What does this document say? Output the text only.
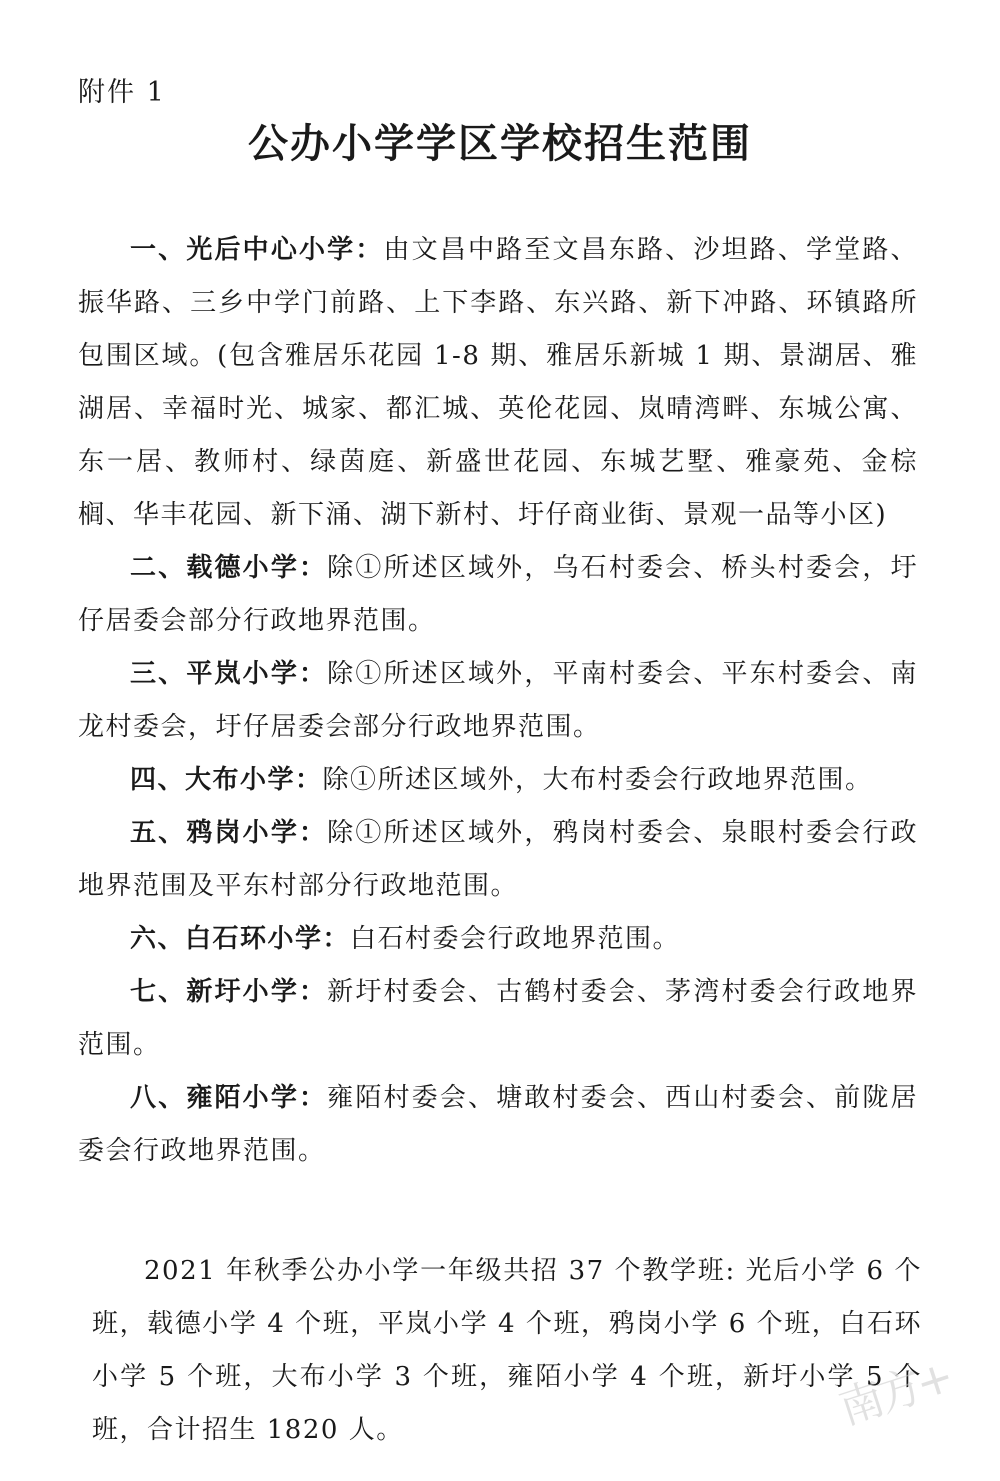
附件 1
公办小学学区学校招生范围

一、光后中心小学：由文昌中路至文昌东路、沙坦路、学堂路、振华路、三乡中学门前路、上下李路、东兴路、新下冲路、环镇路所包围区域。(包含雅居乐花园 1-8 期、雅居乐新城 1 期、景湖居、雅湖居、幸福时光、城家、都汇城、英伦花园、岚晴湾畔、东城公寓、东一居、教师村、绿茵庭、新盛世花园、东城艺墅、雅豪苑、金棕榈、华丰花园、新下涌、湖下新村、圩仔商业街、景观一品等小区)

二、载德小学：除①所述区域外，乌石村委会、桥头村委会，圩仔居委会部分行政地界范围。

三、平岚小学：除①所述区域外，平南村委会、平东村委会、南龙村委会，圩仔居委会部分行政地界范围。

四、大布小学：除①所述区域外，大布村委会行政地界范围。

五、鸦岗小学：除①所述区域外，鸦岗村委会、泉眼村委会行政地界范围及平东村部分行政地范围。

六、白石环小学：白石村委会行政地界范围。

七、新圩小学：新圩村委会、古鹤村委会、茅湾村委会行政地界范围。

八、雍陌小学：雍陌村委会、塘敢村委会、西山村委会、前陇居委会行政地界范围。

2021 年秋季公办小学一年级共招 37 个教学班: 光后小学 6 个班，载德小学 4 个班，平岚小学 4 个班，鸦岗小学 6 个班，白石环小学 5 个班，大布小学 3 个班，雍陌小学 4 个班，新圩小学 5 个班，合计招生 1820 人。	南方+
